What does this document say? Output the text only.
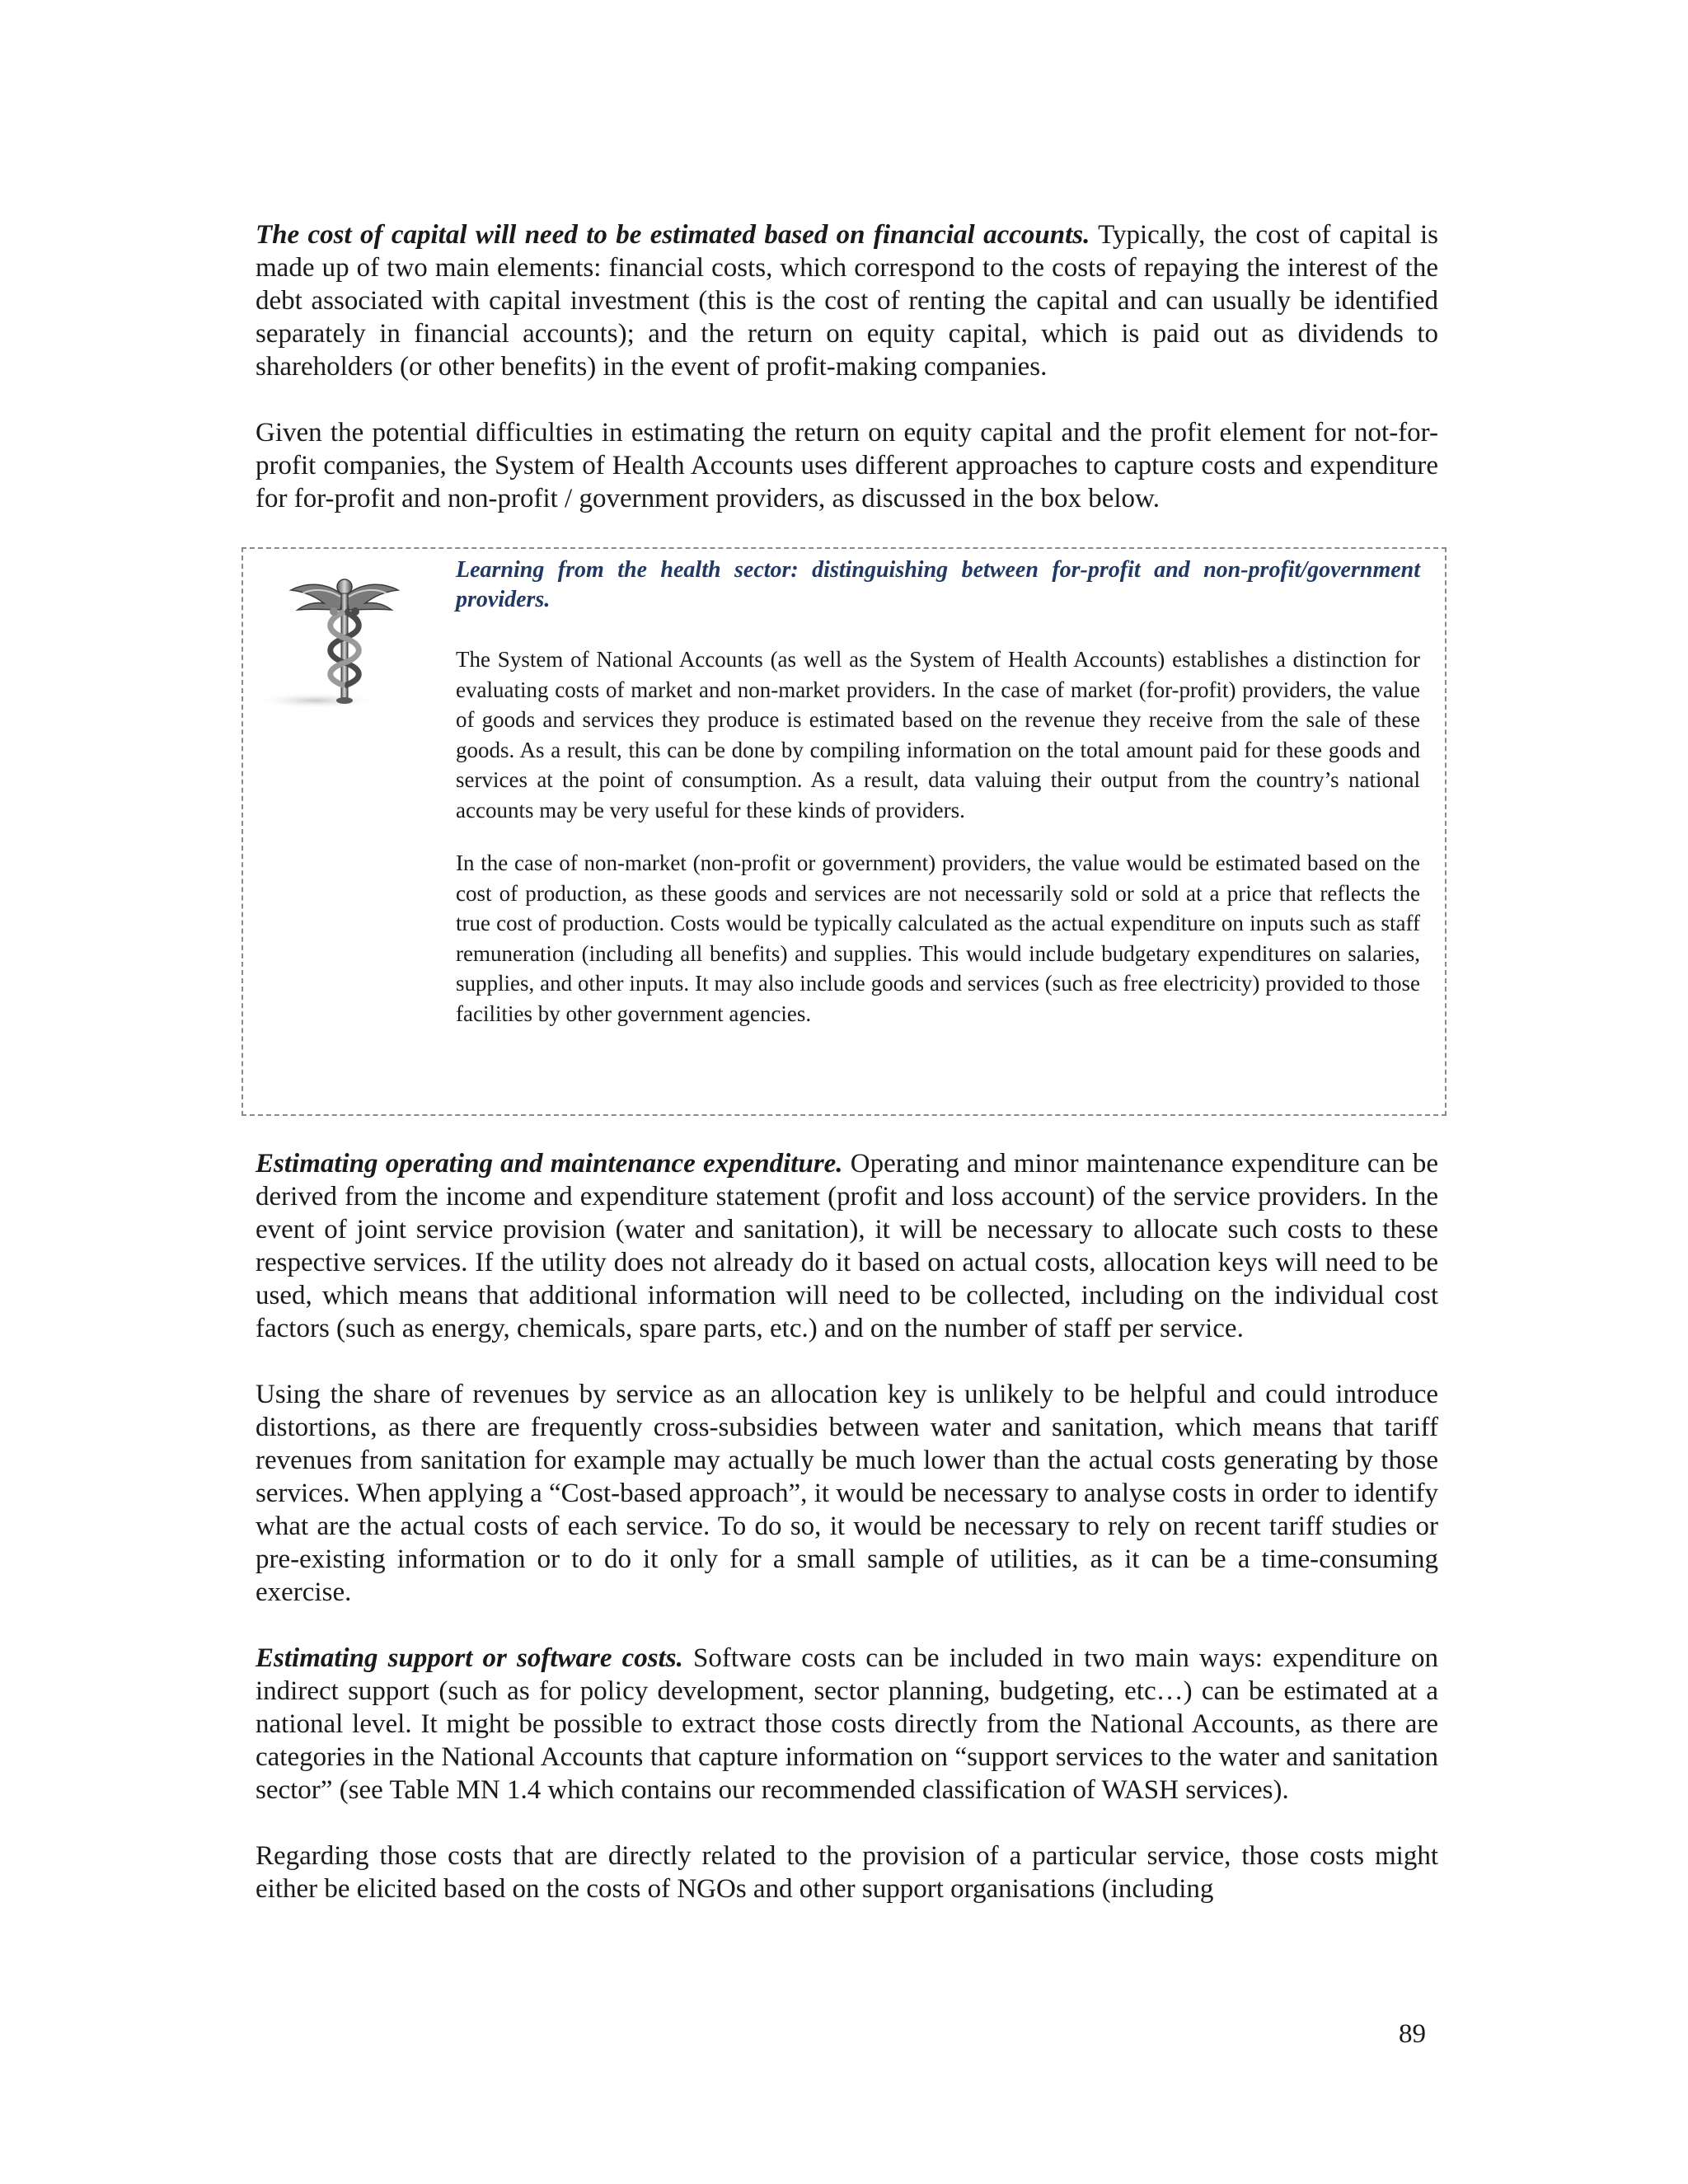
The cost of capital will need to be estimated based on financial accounts. Typically, the cost of capital is made up of two main elements: financial costs, which correspond to the costs of repaying the interest of the debt associated with capital investment (this is the cost of renting the capital and can usually be identified separately in financial accounts); and the return on equity capital, which is paid out as dividends to shareholders (or other benefits) in the event of profit-making companies.

Given the potential difficulties in estimating the return on equity capital and the profit element for not-for-profit companies, the System of Health Accounts uses different approaches to capture costs and expenditure for for-profit and non-profit / government providers, as discussed in the box below.

Learning from the health sector: distinguishing between for-profit and non-profit/government providers.

The System of National Accounts (as well as the System of Health Accounts) establishes a distinction for evaluating costs of market and non-market providers. In the case of market (for-profit) providers, the value of goods and services they produce is estimated based on the revenue they receive from the sale of these goods. As a result, this can be done by compiling information on the total amount paid for these goods and services at the point of consumption. As a result, data valuing their output from the country’s national accounts may be very useful for these kinds of providers.

In the case of non-market (non-profit or government) providers, the value would be estimated based on the cost of production, as these goods and services are not necessarily sold or sold at a price that reflects the true cost of production. Costs would be typically calculated as the actual expenditure on inputs such as staff remuneration (including all benefits) and supplies. This would include budgetary expenditures on salaries, supplies, and other inputs. It may also include goods and services (such as free electricity) provided to those facilities by other government agencies.

Estimating operating and maintenance expenditure. Operating and minor maintenance expenditure can be derived from the income and expenditure statement (profit and loss account) of the service providers. In the event of joint service provision (water and sanitation), it will be necessary to allocate such costs to these respective services. If the utility does not already do it based on actual costs, allocation keys will need to be used, which means that additional information will need to be collected, including on the individual cost factors (such as energy, chemicals, spare parts, etc.) and on the number of staff per service.

Using the share of revenues by service as an allocation key is unlikely to be helpful and could introduce distortions, as there are frequently cross-subsidies between water and sanitation, which means that tariff revenues from sanitation for example may actually be much lower than the actual costs generating by those services. When applying a “Cost-based approach”, it would be necessary to analyse costs in order to identify what are the actual costs of each service. To do so, it would be necessary to rely on recent tariff studies or pre-existing information or to do it only for a small sample of utilities, as it can be a time-consuming exercise.

Estimating support or software costs. Software costs can be included in two main ways: expenditure on indirect support (such as for policy development, sector planning, budgeting, etc…) can be estimated at a national level. It might be possible to extract those costs directly from the National Accounts, as there are categories in the National Accounts that capture information on “support services to the water and sanitation sector” (see Table MN 1.4 which contains our recommended classification of WASH services).

Regarding those costs that are directly related to the provision of a particular service, those costs might either be elicited based on the costs of NGOs and other support organisations (including

89
